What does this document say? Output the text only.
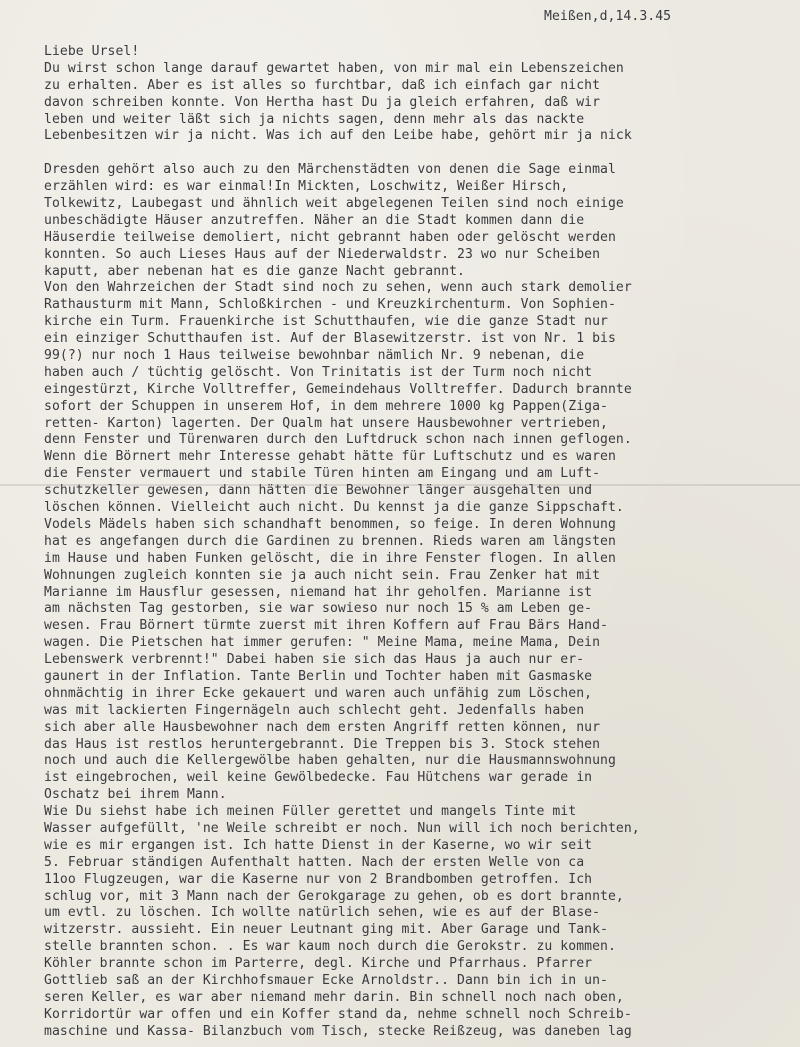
Meißen,d,14.3.45
Liebe Ursel!
Du wirst schon lange darauf gewartet haben, von mir mal ein Lebenszeichen
zu erhalten. Aber es ist alles so furchtbar, daß ich einfach gar nicht
davon schreiben konnte. Von Hertha hast Du ja gleich erfahren, daß wir
leben und weiter läßt sich ja nichts sagen, denn mehr als das nackte
Lebenbesitzen wir ja nicht. Was ich auf den Leibe habe, gehört mir ja nick
Dresden gehört also auch zu den Märchenstädten von denen die Sage einmal
erzählen wird: es war einmal!In Mickten, Loschwitz, Weißer Hirsch,
Tolkewitz, Laubegast und ähnlich weit abgelegenen Teilen sind noch einige
unbeschädigte Häuser anzutreffen. Näher an die Stadt kommen dann die
Häuserdie teilweise demoliert, nicht gebrannt haben oder gelöscht werden
konnten. So auch Lieses Haus auf der Niederwaldstr. 23 wo nur Scheiben
kaputt, aber nebenan hat es die ganze Nacht gebrannt.
Von den Wahrzeichen der Stadt sind noch zu sehen, wenn auch stark demolier
Rathausturm mit Mann, Schloßkirchen - und Kreuzkirchenturm. Von Sophien-
kirche ein Turm. Frauenkirche ist Schutthaufen, wie die ganze Stadt nur
ein einziger Schutthaufen ist. Auf der Blasewitzerstr. ist von Nr. 1 bis
99(?) nur noch 1 Haus teilweise bewohnbar nämlich Nr. 9 nebenan, die
haben auch / tüchtig gelöscht. Von Trinitatis ist der Turm noch nicht
eingestürzt, Kirche Volltreffer, Gemeindehaus Volltreffer. Dadurch brannte
sofort der Schuppen in unserem Hof, in dem mehrere 1000 kg Pappen(Ziga-
retten- Karton) lagerten. Der Qualm hat unsere Hausbewohner vertrieben,
denn Fenster und Türenwaren durch den Luftdruck schon nach innen geflogen.
Wenn die Börnert mehr Interesse gehabt hätte für Luftschutz und es waren
die Fenster vermauert und stabile Türen hinten am Eingang und am Luft-
schutzkeller gewesen, dann hätten die Bewohner länger ausgehalten und
löschen können. Vielleicht auch nicht. Du kennst ja die ganze Sippschaft.
Vodels Mädels haben sich schandhaft benommen, so feige. In deren Wohnung
hat es angefangen durch die Gardinen zu brennen. Rieds waren am längsten
im Hause und haben Funken gelöscht, die in ihre Fenster flogen. In allen
Wohnungen zugleich konnten sie ja auch nicht sein. Frau Zenker hat mit
Marianne im Hausflur gesessen, niemand hat ihr geholfen. Marianne ist
am nächsten Tag gestorben, sie war sowieso nur noch 15 % am Leben ge-
wesen. Frau Börnert türmte zuerst mit ihren Koffern auf Frau Bärs Hand-
wagen. Die Pietschen hat immer gerufen: " Meine Mama, meine Mama, Dein
Lebenswerk verbrennt!" Dabei haben sie sich das Haus ja auch nur er-
gaunert in der Inflation. Tante Berlin und Tochter haben mit Gasmaske
ohnmächtig in ihrer Ecke gekauert und waren auch unfähig zum Löschen,
was mit lackierten Fingernägeln auch schlecht geht. Jedenfalls haben
sich aber alle Hausbewohner nach dem ersten Angriff retten können, nur
das Haus ist restlos heruntergebrannt. Die Treppen bis 3. Stock stehen
noch und auch die Kellergewölbe haben gehalten, nur die Hausmannswohnung
ist eingebrochen, weil keine Gewölbedecke. Fau Hütchens war gerade in
Oschatz bei ihrem Mann.
Wie Du siehst habe ich meinen Füller gerettet und mangels Tinte mit
Wasser aufgefüllt, 'ne Weile schreibt er noch. Nun will ich noch berichten,
wie es mir ergangen ist. Ich hatte Dienst in der Kaserne, wo wir seit
5. Februar ständigen Aufenthalt hatten. Nach der ersten Welle von ca
11oo Flugzeugen, war die Kaserne nur von 2 Brandbomben getroffen. Ich
schlug vor, mit 3 Mann nach der Gerokgarage zu gehen, ob es dort brannte,
um evtl. zu löschen. Ich wollte natürlich sehen, wie es auf der Blase-
witzerstr. aussieht. Ein neuer Leutnant ging mit. Aber Garage und Tank-
stelle brannten schon. . Es war kaum noch durch die Gerokstr. zu kommen.
Köhler brannte schon im Parterre, degl. Kirche und Pfarrhaus. Pfarrer
Gottlieb saß an der Kirchhofsmauer Ecke Arnoldstr.. Dann bin ich in un-
seren Keller, es war aber niemand mehr darin. Bin schnell noch nach oben,
Korridortür war offen und ein Koffer stand da, nehme schnell noch Schreib-
maschine und Kassa- Bilanzbuch vom Tisch, stecke Reißzeug, was daneben lag
